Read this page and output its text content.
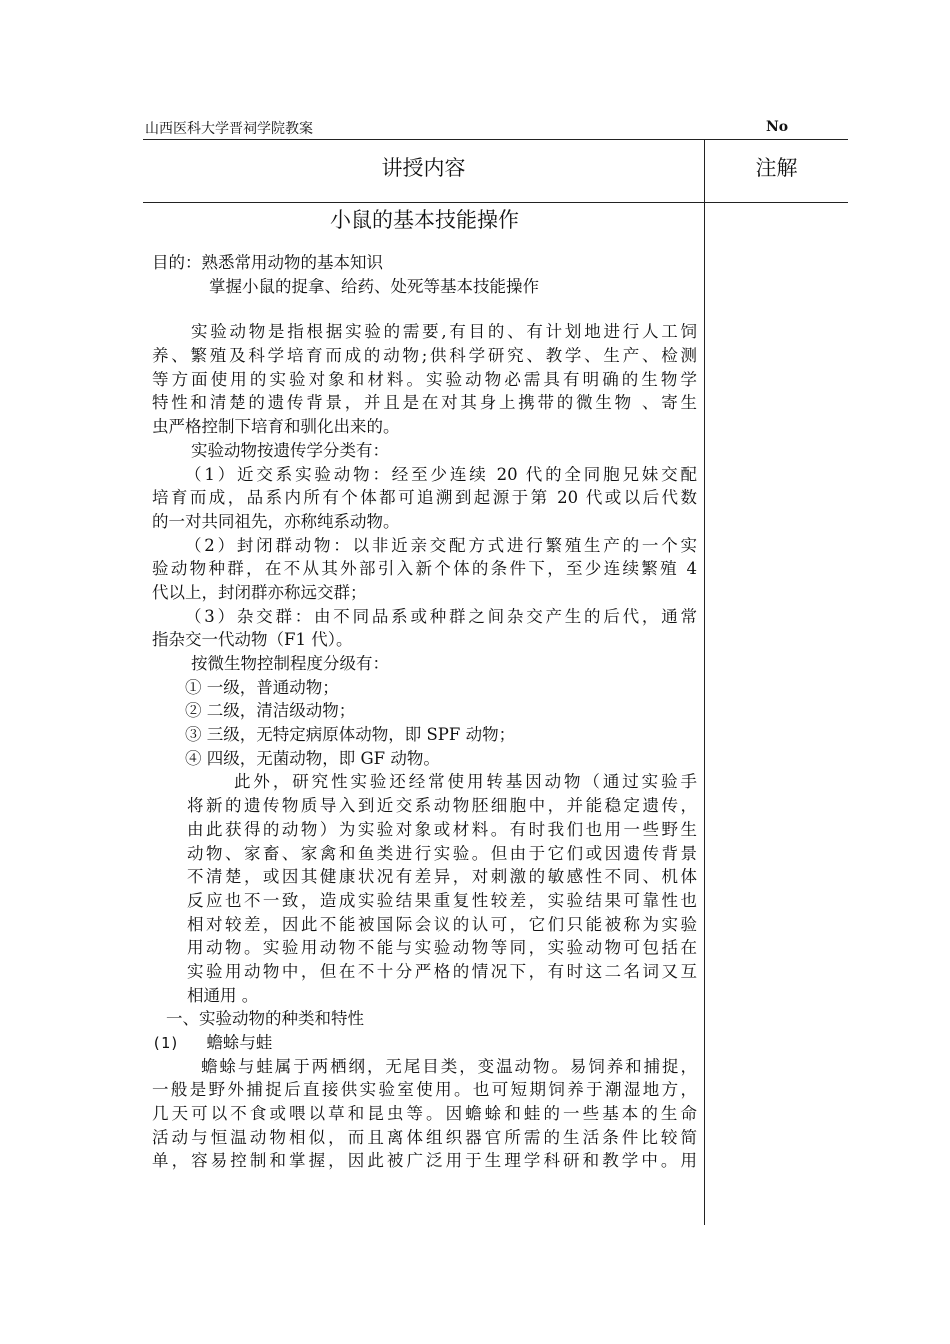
山西医科大学晋祠学院教案	No
讲授内容	注解
小鼠的基本技能操作
目的：熟悉常用动物的基本知识
掌握小鼠的捉拿、给药、处死等基本技能操作
实验动物是指根据实验的需要,有目的、有计划地进行人工饲
养、繁殖及科学培育而成的动物;供科学研究、教学、生产、检测
等方面使用的实验对象和材料。实验动物必需具有明确的生物学
特性和清楚的遗传背景，并且是在对其身上携带的微生物 、寄生
虫严格控制下培育和驯化出来的。
实验动物按遗传学分类有：
（1）近交系实验动物：经至少连续 20 代的全同胞兄妹交配
培育而成，品系内所有个体都可追溯到起源于第 20 代或以后代数
的一对共同祖先，亦称纯系动物。
（2）封闭群动物：以非近亲交配方式进行繁殖生产的一个实
验动物种群，在不从其外部引入新个体的条件下，至少连续繁殖 4
代以上，封闭群亦称远交群；
（3）杂交群：由不同品系或种群之间杂交产生的后代，通常
指杂交一代动物（F1 代）。
按微生物控制程度分级有：
① 一级，普通动物；
② 二级，清洁级动物；
③ 三级，无特定病原体动物，即 SPF 动物；
④ 四级，无菌动物，即 GF 动物。
此外，研究性实验还经常使用转基因动物（通过实验手
将新的遗传物质导入到近交系动物胚细胞中，并能稳定遗传，
由此获得的动物）为实验对象或材料。有时我们也用一些野生
动物、家畜、家禽和鱼类进行实验。但由于它们或因遗传背景
不清楚，或因其健康状况有差异，对刺激的敏感性不同、机体
反应也不一致，造成实验结果重复性较差，实验结果可靠性也
相对较差，因此不能被国际会议的认可，它们只能被称为实验
用动物。实验用动物不能与实验动物等同，实验动物可包括在
实验用动物中，但在不十分严格的情况下，有时这二名词又互
相通用 。
一、实验动物的种类和特性
(1) 蟾蜍与蛙
蟾蜍与蛙属于两栖纲，无尾目类，变温动物。易饲养和捕捉，
一般是野外捕捉后直接供实验室使用。也可短期饲养于潮湿地方，
几天可以不食或喂以草和昆虫等。因蟾蜍和蛙的一些基本的生命
活动与恒温动物相似，而且离体组织器官所需的生活条件比较简
单，容易控制和掌握，因此被广泛用于生理学科研和教学中。用
